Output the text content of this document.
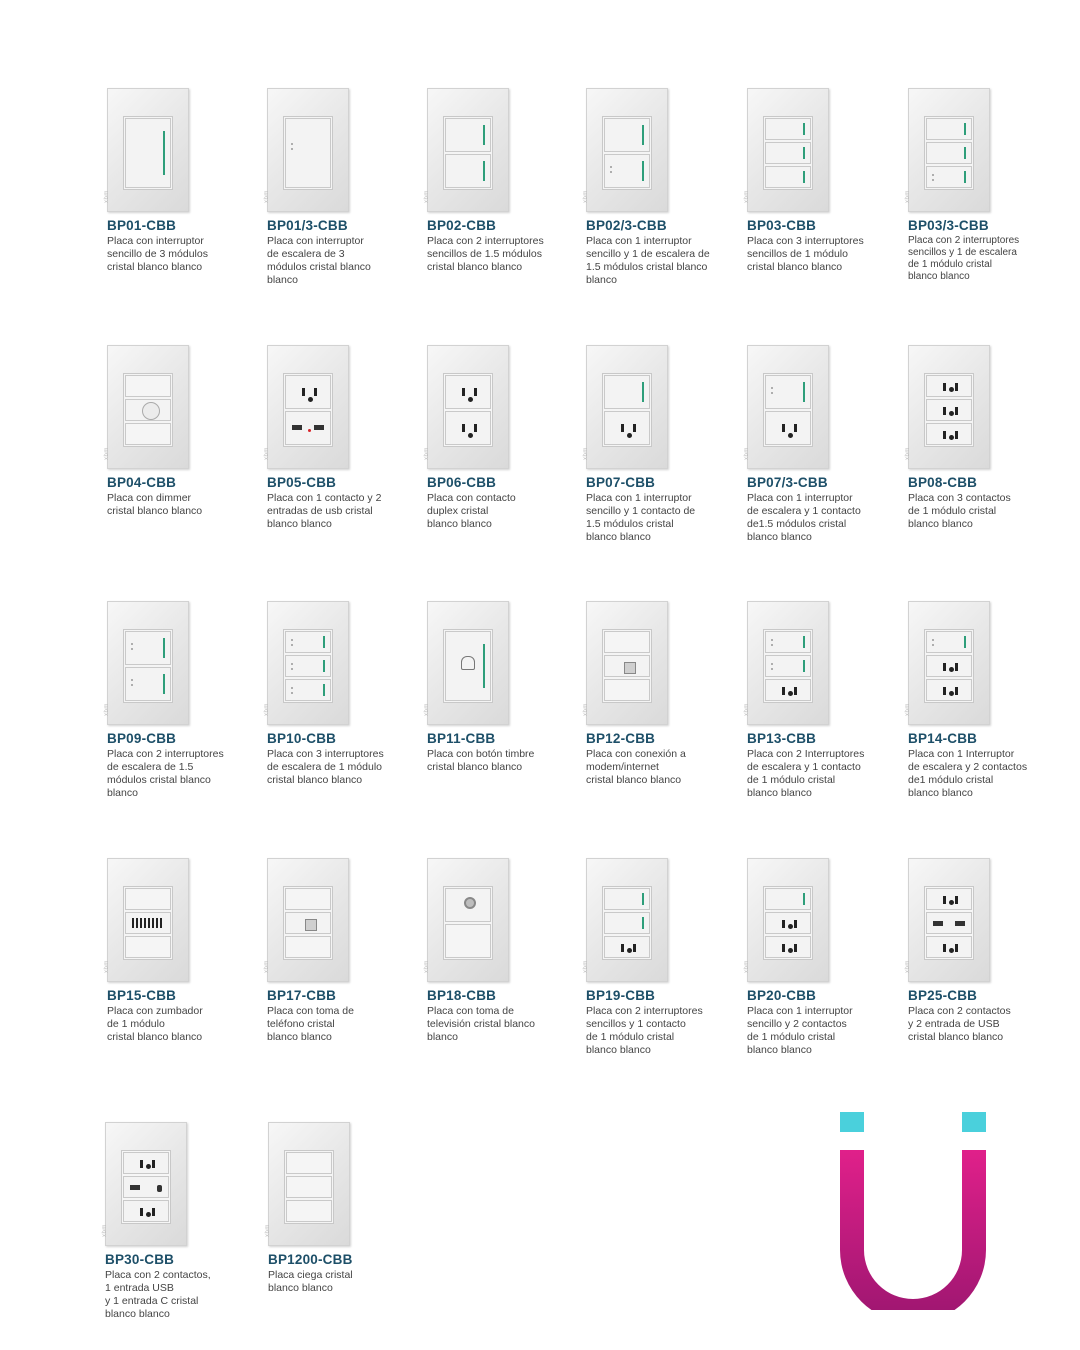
xbm
BP01-CBB
Placa con interruptor
sencillo de 3 módulos
cristal blanco blanco
xbm
BP01/3-CBB
Placa con interruptor
de escalera de 3
módulos cristal blanco
blanco
xbm
BP02-CBB
Placa con 2 interruptores
sencillos de 1.5 módulos
cristal blanco blanco
xbm
BP02/3-CBB
Placa con 1 interruptor
sencillo y 1 de escalera de
1.5 módulos cristal blanco
blanco
xbm
BP03-CBB
Placa con 3 interruptores
sencillos de 1 módulo
cristal blanco blanco
xbm
BP03/3-CBB
Placa con 2 interruptores
sencillos y 1 de escalera
de 1 módulo cristal
blanco blanco
xbm
BP04-CBB
Placa con dimmer
cristal blanco blanco
xbm
BP05-CBB
Placa con 1 contacto y 2
entradas de usb cristal
blanco blanco
xbm
BP06-CBB
Placa con contacto
duplex cristal
blanco blanco
xbm
BP07-CBB
Placa con 1 interruptor
sencillo y 1 contacto de
1.5 módulos cristal
blanco blanco
xbm
BP07/3-CBB
Placa con 1 interruptor
de escalera y 1 contacto
de1.5 módulos cristal
blanco blanco
xbm
BP08-CBB
Placa con 3 contactos
de 1 módulo cristal
blanco blanco
xbm
BP09-CBB
Placa con 2 interruptores
de escalera de 1.5
módulos cristal blanco
blanco
xbm
BP10-CBB
Placa con 3 interruptores
de escalera de 1 módulo
cristal blanco blanco
xbm
BP11-CBB
Placa con botón timbre
cristal blanco blanco
xbm
BP12-CBB
Placa con conexión a
modem/internet
cristal blanco blanco
xbm
BP13-CBB
Placa con 2 Interruptores
de escalera y 1 contacto
de 1 módulo cristal
blanco blanco
xbm
BP14-CBB
Placa con 1 Interruptor
de escalera y 2 contactos
de1 módulo cristal
blanco blanco
xbm
BP15-CBB
Placa con zumbador
de 1 módulo
cristal blanco blanco
xbm
BP17-CBB
Placa con toma de
teléfono cristal
blanco blanco
xbm
BP18-CBB
Placa con toma de
televisión cristal blanco
blanco
xbm
BP19-CBB
Placa con 2 interruptores
sencillos y 1 contacto
de 1 módulo cristal
blanco blanco
xbm
BP20-CBB
Placa con 1 interruptor
sencillo y 2 contactos
de 1 módulo cristal
blanco blanco
xbm
BP25-CBB
Placa con 2 contactos
y 2 entrada de USB
cristal blanco blanco
xbm
BP30-CBB
Placa con 2 contactos,
1 entrada USB
y 1 entrada C cristal
blanco blanco
xbm
BP1200-CBB
Placa ciega cristal
blanco blanco
